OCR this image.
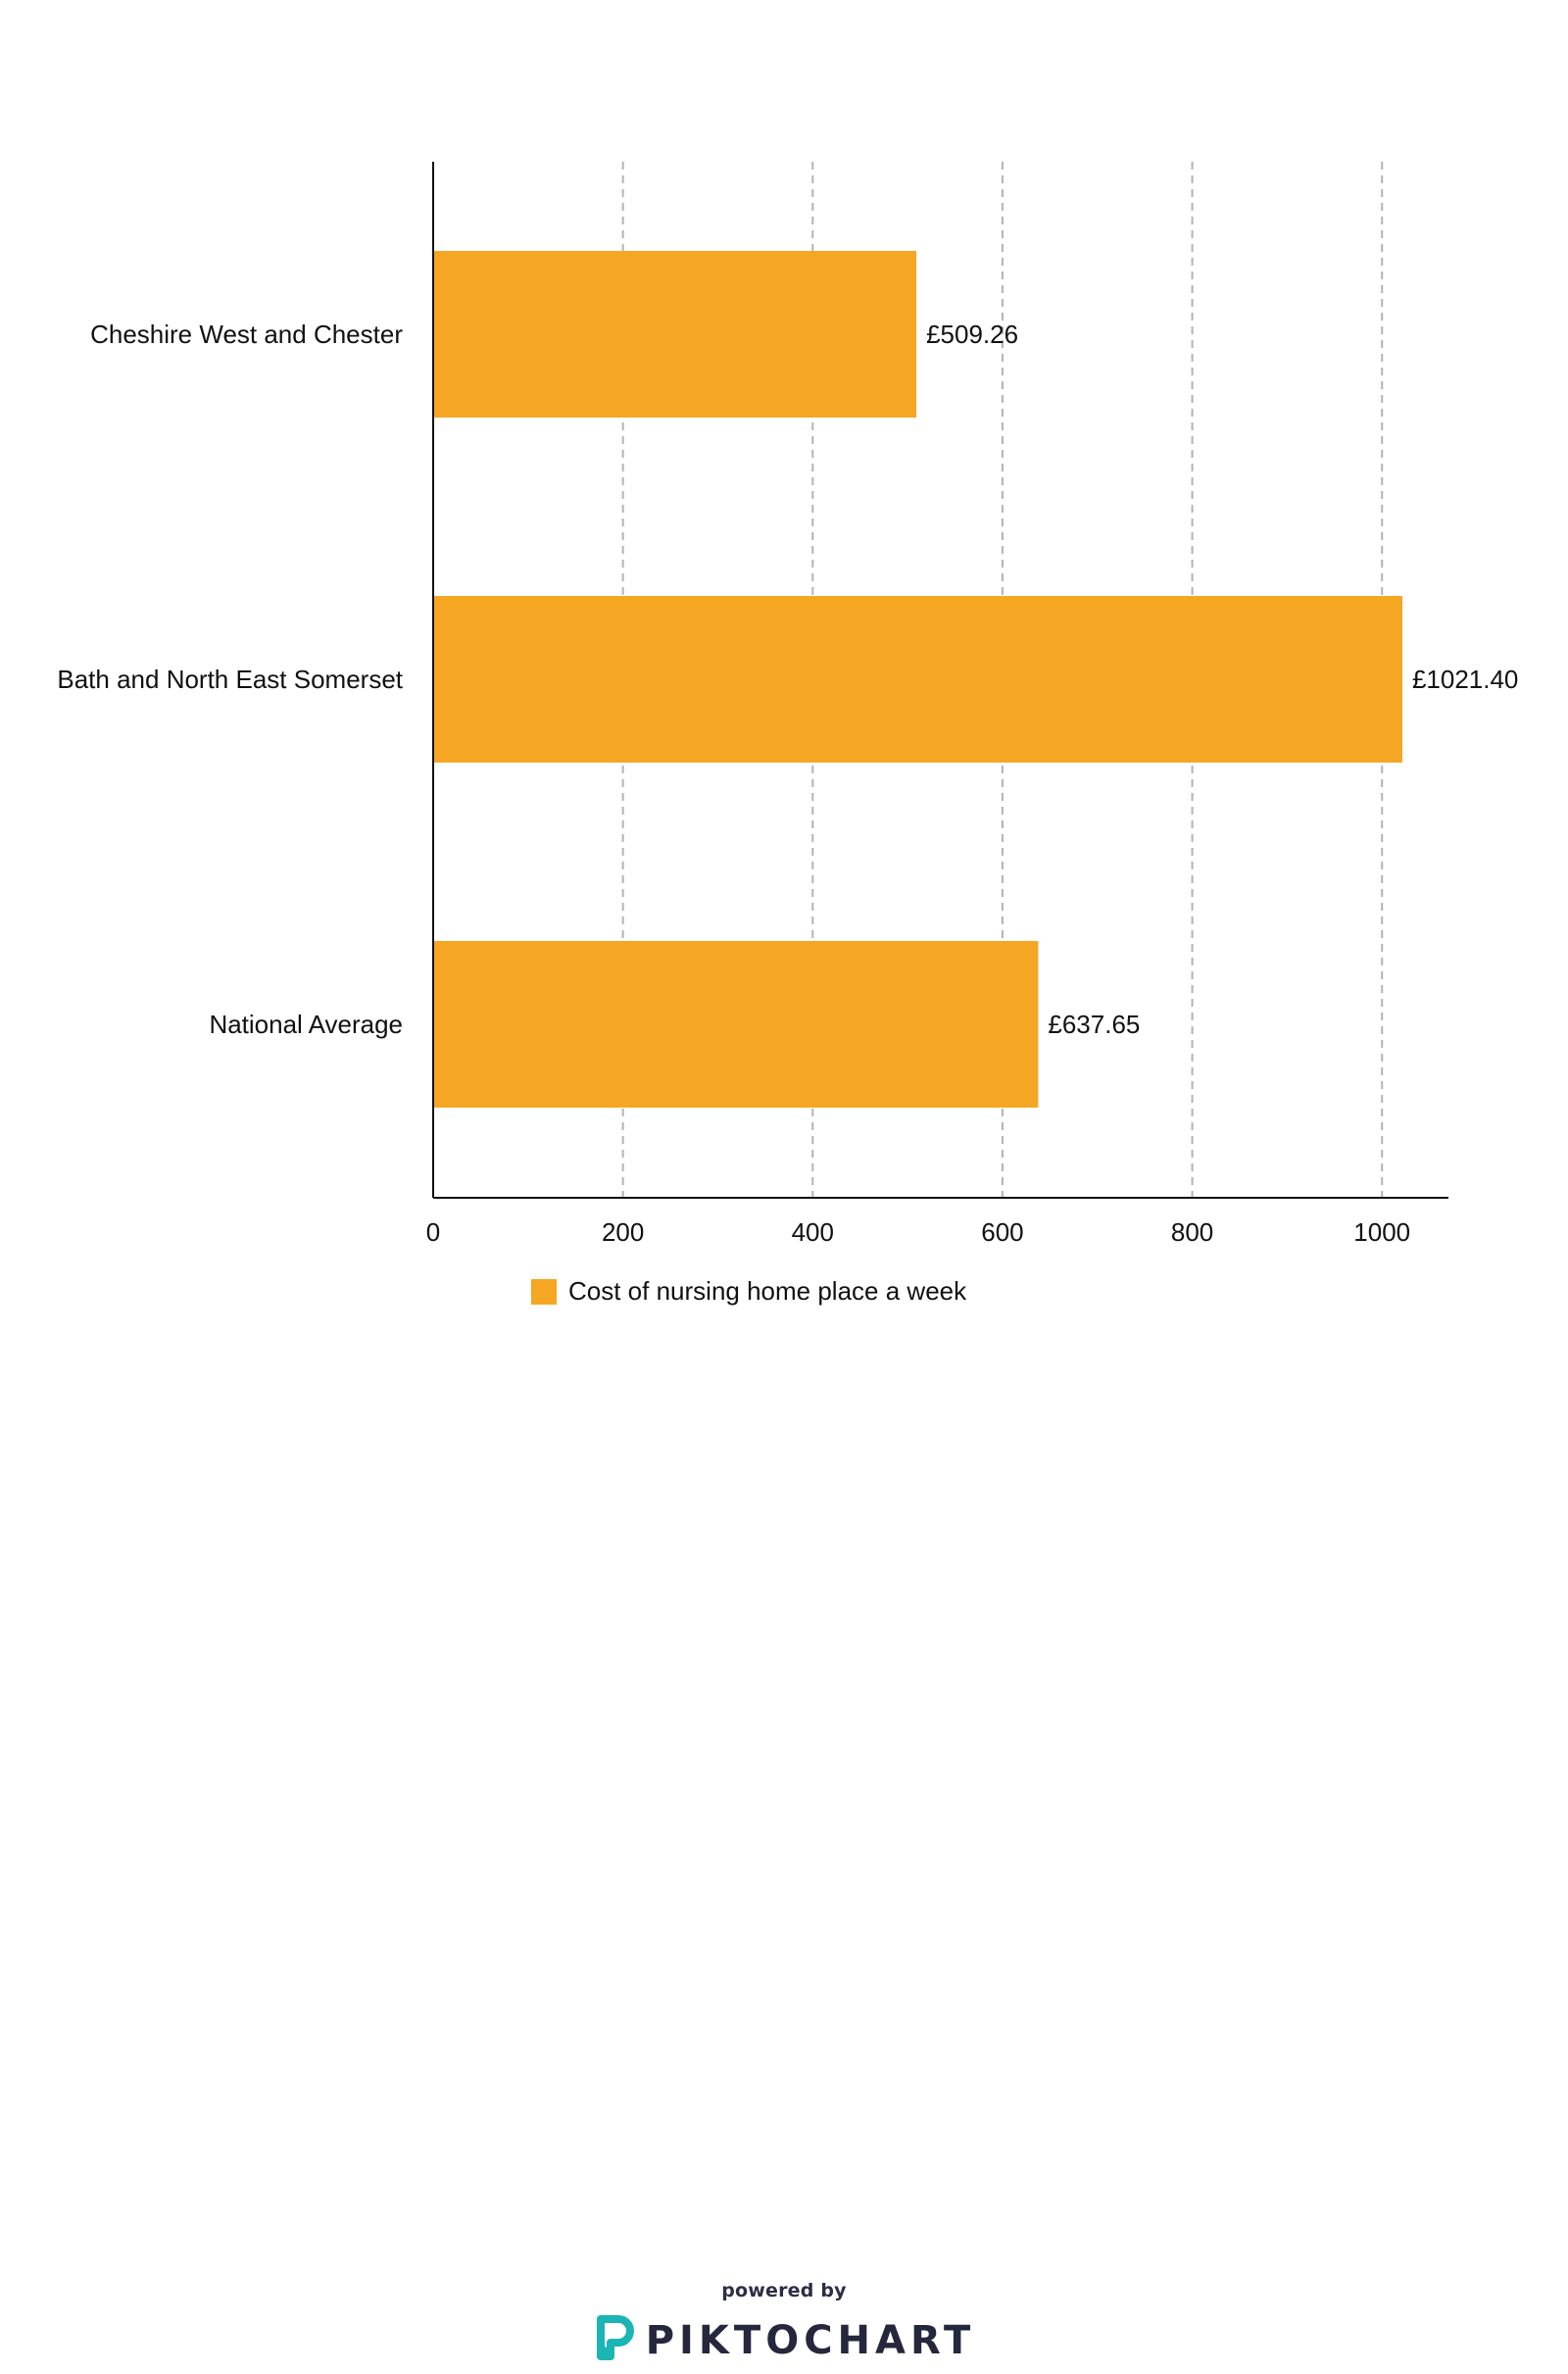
0	200	400	600	800	1000
£509.26
Cheshire West and Chester
£1021.40
Bath and North East Somerset
£637.65
National Average
Cost of nursing home place a week
powered by
PIKTOCHART
